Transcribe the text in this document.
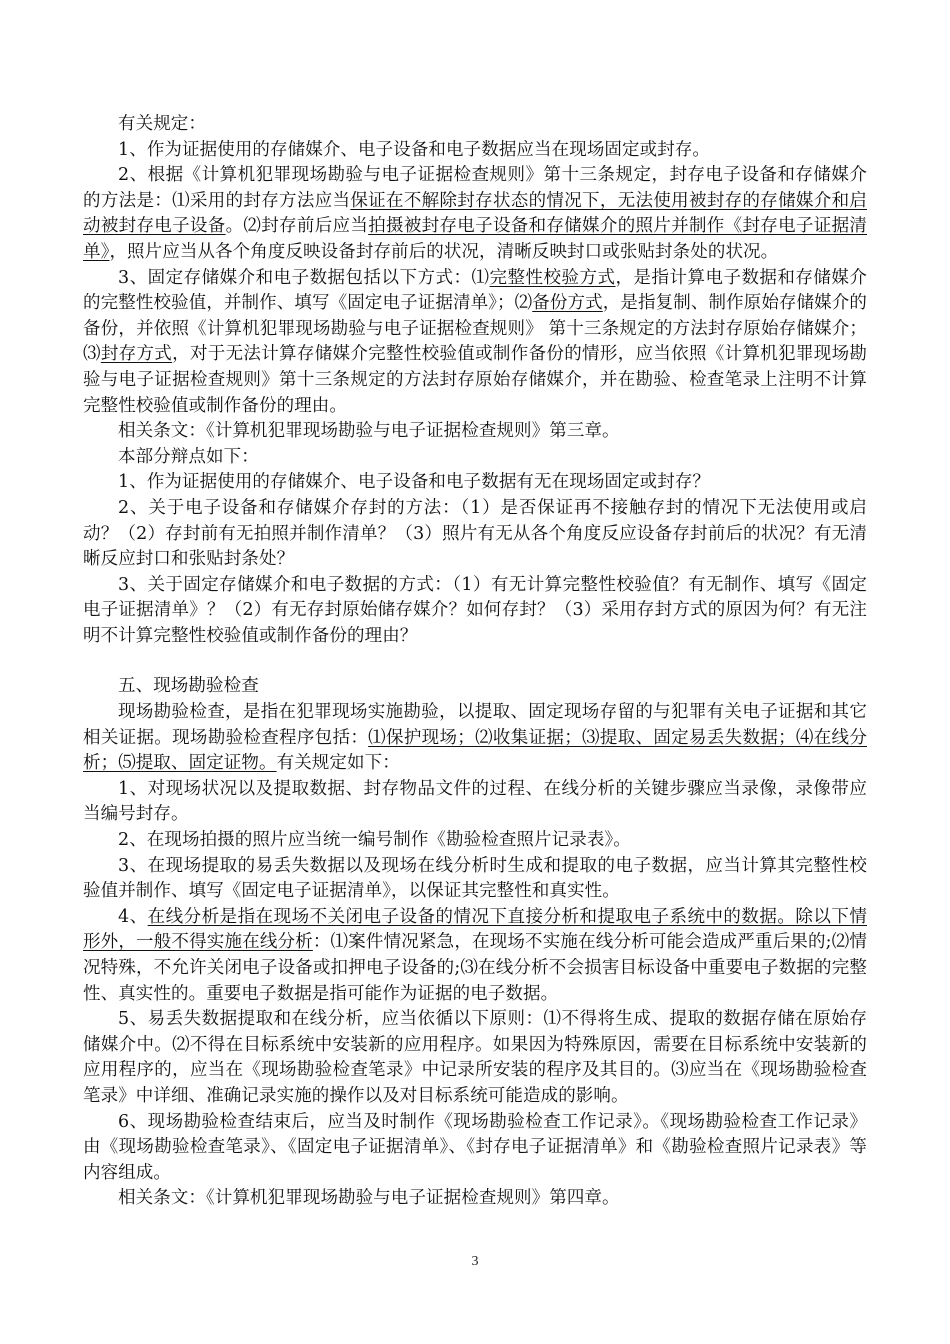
有关规定：

1、作为证据使用的存储媒介、电子设备和电子数据应当在现场固定或封存。

2、根据《计算机犯罪现场勘验与电子证据检查规则》第十三条规定，封存电子设备和存储媒介的方法是：⑴采用的封存方法应当保证在不解除封存状态的情况下，无法使用被封存的存储媒介和启动被封存电子设备。⑵封存前后应当拍摄被封存电子设备和存储媒介的照片并制作《封存电子证据清单》，照片应当从各个角度反映设备封存前后的状况，清晰反映封口或张贴封条处的状况。

3、固定存储媒介和电子数据包括以下方式：⑴完整性校验方式，是指计算电子数据和存储媒介的完整性校验值，并制作、填写《固定电子证据清单》；⑵备份方式，是指复制、制作原始存储媒介的备份，并依照《计算机犯罪现场勘验与电子证据检查规则》 第十三条规定的方法封存原始存储媒介；⑶封存方式，对于无法计算存储媒介完整性校验值或制作备份的情形，应当依照《计算机犯罪现场勘验与电子证据检查规则》第十三条规定的方法封存原始存储媒介，并在勘验、检查笔录上注明不计算完整性校验值或制作备份的理由。

相关条文：《计算机犯罪现场勘验与电子证据检查规则》第三章。

本部分辩点如下：

1、作为证据使用的存储媒介、电子设备和电子数据有无在现场固定或封存？

2、关于电子设备和存储媒介存封的方法：（1）是否保证再不接触存封的情况下无法使用或启动？（2）存封前有无拍照并制作清单？（3）照片有无从各个角度反应设备存封前后的状况？有无清晰反应封口和张贴封条处？

3、关于固定存储媒介和电子数据的方式：（1）有无计算完整性校验值？有无制作、填写《固定电子证据清单》？（2）有无存封原始储存媒介？如何存封？（3）采用存封方式的原因为何？有无注明不计算完整性校验值或制作备份的理由？

五、现场勘验检查

现场勘验检查，是指在犯罪现场实施勘验，以提取、固定现场存留的与犯罪有关电子证据和其它相关证据。现场勘验检查程序包括：⑴保护现场；⑵收集证据；⑶提取、固定易丢失数据；⑷在线分析；⑸提取、固定证物。有关规定如下：

1、对现场状况以及提取数据、封存物品文件的过程、在线分析的关键步骤应当录像，录像带应当编号封存。

2、在现场拍摄的照片应当统一编号制作《勘验检查照片记录表》。

3、在现场提取的易丢失数据以及现场在线分析时生成和提取的电子数据，应当计算其完整性校验值并制作、填写《固定电子证据清单》，以保证其完整性和真实性。

4、在线分析是指在现场不关闭电子设备的情况下直接分析和提取电子系统中的数据。除以下情形外，一般不得实施在线分析：⑴案件情况紧急，在现场不实施在线分析可能会造成严重后果的;⑵情况特殊，不允许关闭电子设备或扣押电子设备的;⑶在线分析不会损害目标设备中重要电子数据的完整性、真实性的。重要电子数据是指可能作为证据的电子数据。

5、易丢失数据提取和在线分析，应当依循以下原则：⑴不得将生成、提取的数据存储在原始存储媒介中。⑵不得在目标系统中安装新的应用程序。如果因为特殊原因，需要在目标系统中安装新的应用程序的，应当在《现场勘验检查笔录》中记录所安装的程序及其目的。⑶应当在《现场勘验检查笔录》中详细、准确记录实施的操作以及对目标系统可能造成的影响。

6、现场勘验检查结束后，应当及时制作《现场勘验检查工作记录》。《现场勘验检查工作记录》由《现场勘验检查笔录》、《固定电子证据清单》、《封存电子证据清单》和《勘验检查照片记录表》等内容组成。

相关条文：《计算机犯罪现场勘验与电子证据检查规则》第四章。

3
